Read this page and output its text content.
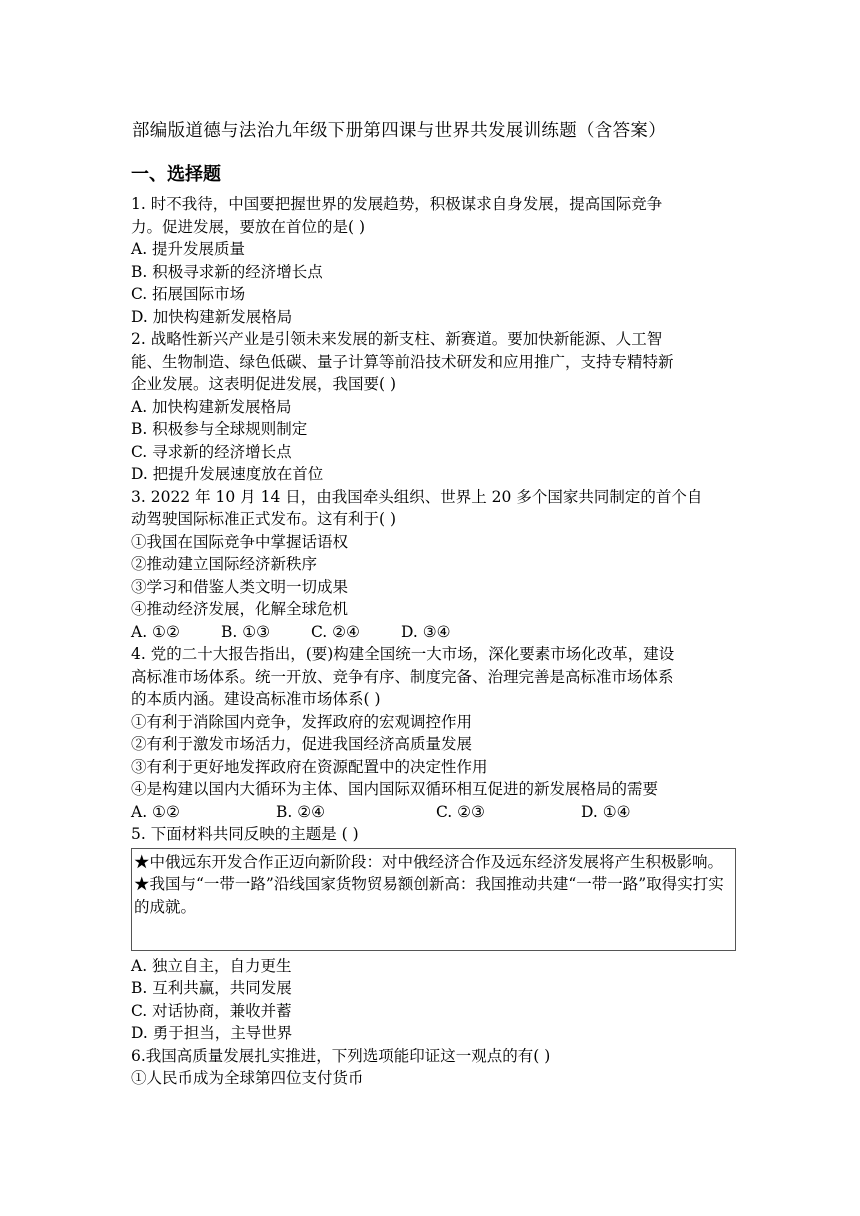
部编版道德与法治九年级下册第四课与世界共发展训练题（含答案）
一、选择题
1. 时不我待，中国要把握世界的发展趋势，积极谋求自身发展，提高国际竞争
力。促进发展，要放在首位的是( )
A. 提升发展质量
B. 积极寻求新的经济增长点
C. 拓展国际市场
D. 加快构建新发展格局
2. 战略性新兴产业是引领未来发展的新支柱、新赛道。要加快新能源、人工智
能、生物制造、绿色低碳、量子计算等前沿技术研发和应用推广，支持专精特新
企业发展。这表明促进发展，我国要( )
A. 加快构建新发展格局
B. 积极参与全球规则制定
C. 寻求新的经济增长点
D. 把提升发展速度放在首位
3. 2022 年 10 月 14 日，由我国牵头组织、世界上 20 多个国家共同制定的首个自
动驾驶国际标准正式发布。这有利于( )
①我国在国际竞争中掌握话语权
②推动建立国际经济新秩序
③学习和借鉴人类文明一切成果
④推动经济发展，化解全球危机
A. ①②	B. ①③	C. ②④	D. ③④
4. 党的二十大报告指出，(要)构建全国统一大市场，深化要素市场化改革，建设
高标准市场体系。统一开放、竞争有序、制度完备、治理完善是高标准市场体系
的本质内涵。建设高标准市场体系( )
①有利于消除国内竞争，发挥政府的宏观调控作用
②有利于激发市场活力，促进我国经济高质量发展
③有利于更好地发挥政府在资源配置中的决定性作用
④是构建以国内大循环为主体、国内国际双循环相互促进的新发展格局的需要
A. ①②	B. ②④	C. ②③	D. ①④
5. 下面材料共同反映的主题是 ( )
★中俄远东开发合作正迈向新阶段：对中俄经济合作及远东经济发展将产生积极影响。
★我国与“一带一路”沿线国家货物贸易额创新高：我国推动共建“一带一路”取得实打实的成就。
A. 独立自主，自力更生
B. 互利共赢，共同发展
C. 对话协商，兼收并蓄
D. 勇于担当，主导世界
6.我国高质量发展扎实推进，下列选项能印证这一观点的有( )
①人民币成为全球第四位支付货币
